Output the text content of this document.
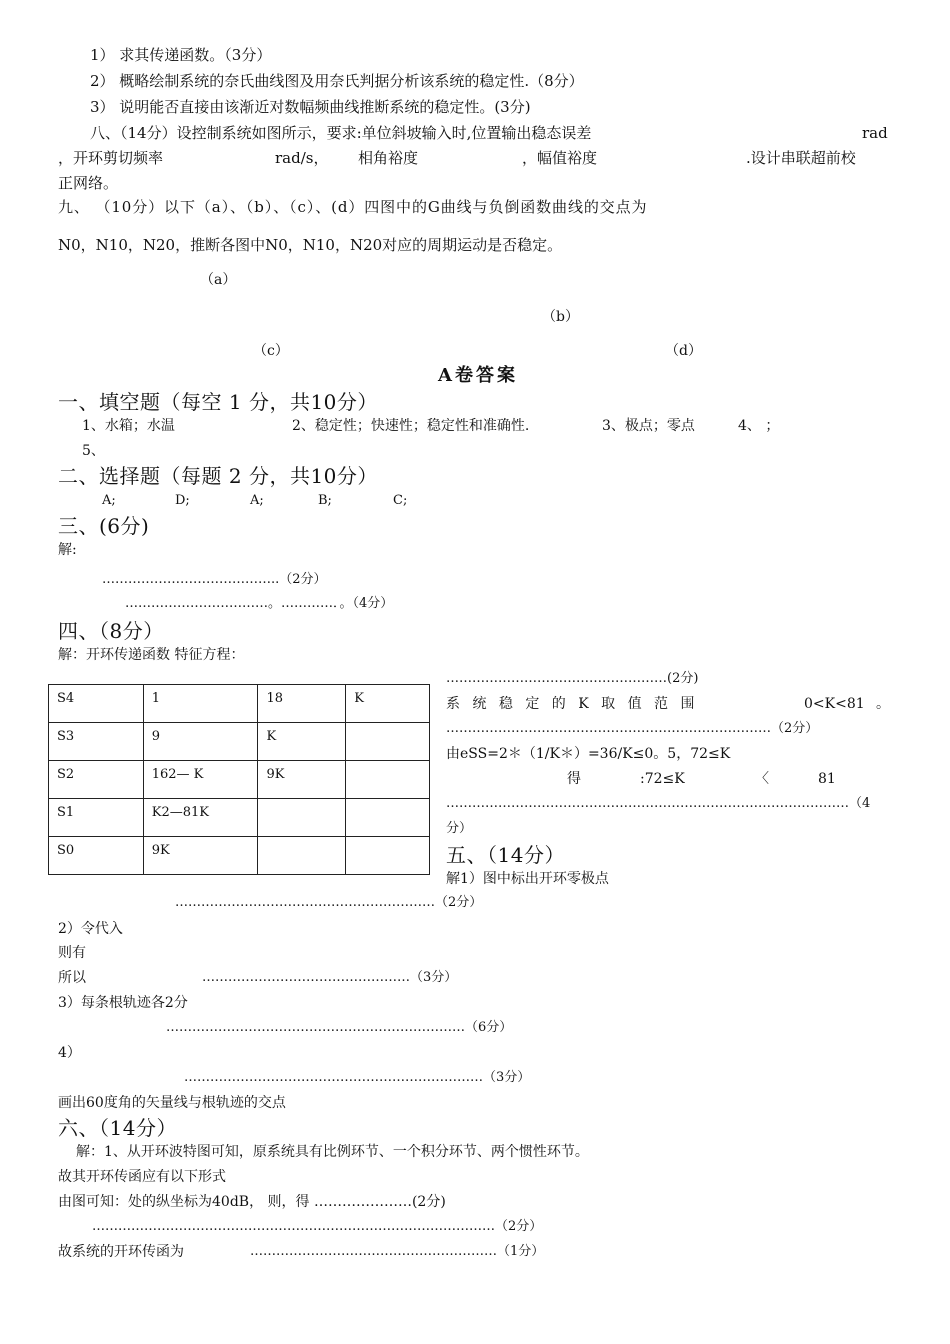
1） 求其传递函数。（3分）
2） 概略绘制系统的奈氏曲线图及用奈氏判据分析该系统的稳定性.（8分）
3） 说明能否直接由该渐近对数幅频曲线推断系统的稳定性。(3分)
八、（14分）设控制系统如图所示，要求:单位斜坡输入时,位置输出稳态误差	rad
，开环剪切频率	rad/s， 相角裕度	，幅值裕度	.设计串联超前校
正网络。
九、 （10分）以下（a）、（b）、（c）、(d）四图中的G曲线与负倒函数曲线的交点为
N0，N10，N20，推断各图中N0，N10，N20对应的周期运动是否稳定。
（a）
（b）
（c）	（d）
A卷答案
一、填空题（每空 1 分，共10分）
1、水箱；水温	2、稳定性；快速性；稳定性和准确性.	3、极点；零点	4、 ；
5、
二、选择题（每题 2 分，共10分）
A;	D;	A;	B;	C;
三、(6分)
解:
…………………………………..（2分）
……………………………。…………．。（4分）
四、（8分）
解：开环传递函数 特征方程：
S4	1	18	K
S3	9	K	
S2	162— K	9K	
S1	K2—81K		
S0	9K		
……………………………………………(2分)
系 统 稳 定 的 K 取 值 范 围	0<K<81 。
…………………………………………………………………（2分）
由eSS=2＊（1/K＊）=36/K≤0。5，72≤K
得	:72≤K	〈	81
…………………………………………………………………………………（4
分）
五、（14分）
解1）图中标出开环零极点
……………………………………………………（2分）
2）令代入
则有
所以	…………………………………………（3分）
3）每条根轨迹各2分
……………………………………………………………（6分）
4）
……………………………………………………………（3分）
画出60度角的矢量线与根轨迹的交点
六、（14分）
解：1、从开环波特图可知，原系统具有比例环节、一个积分环节、两个惯性环节。
故其开环传函应有以下形式
由图可知：处的纵坐标为40dB， 则，得 …………………(2分)
…………………………………………………………………………………（2分）
故系统的开环传函为	…………………………………………………（1分）
